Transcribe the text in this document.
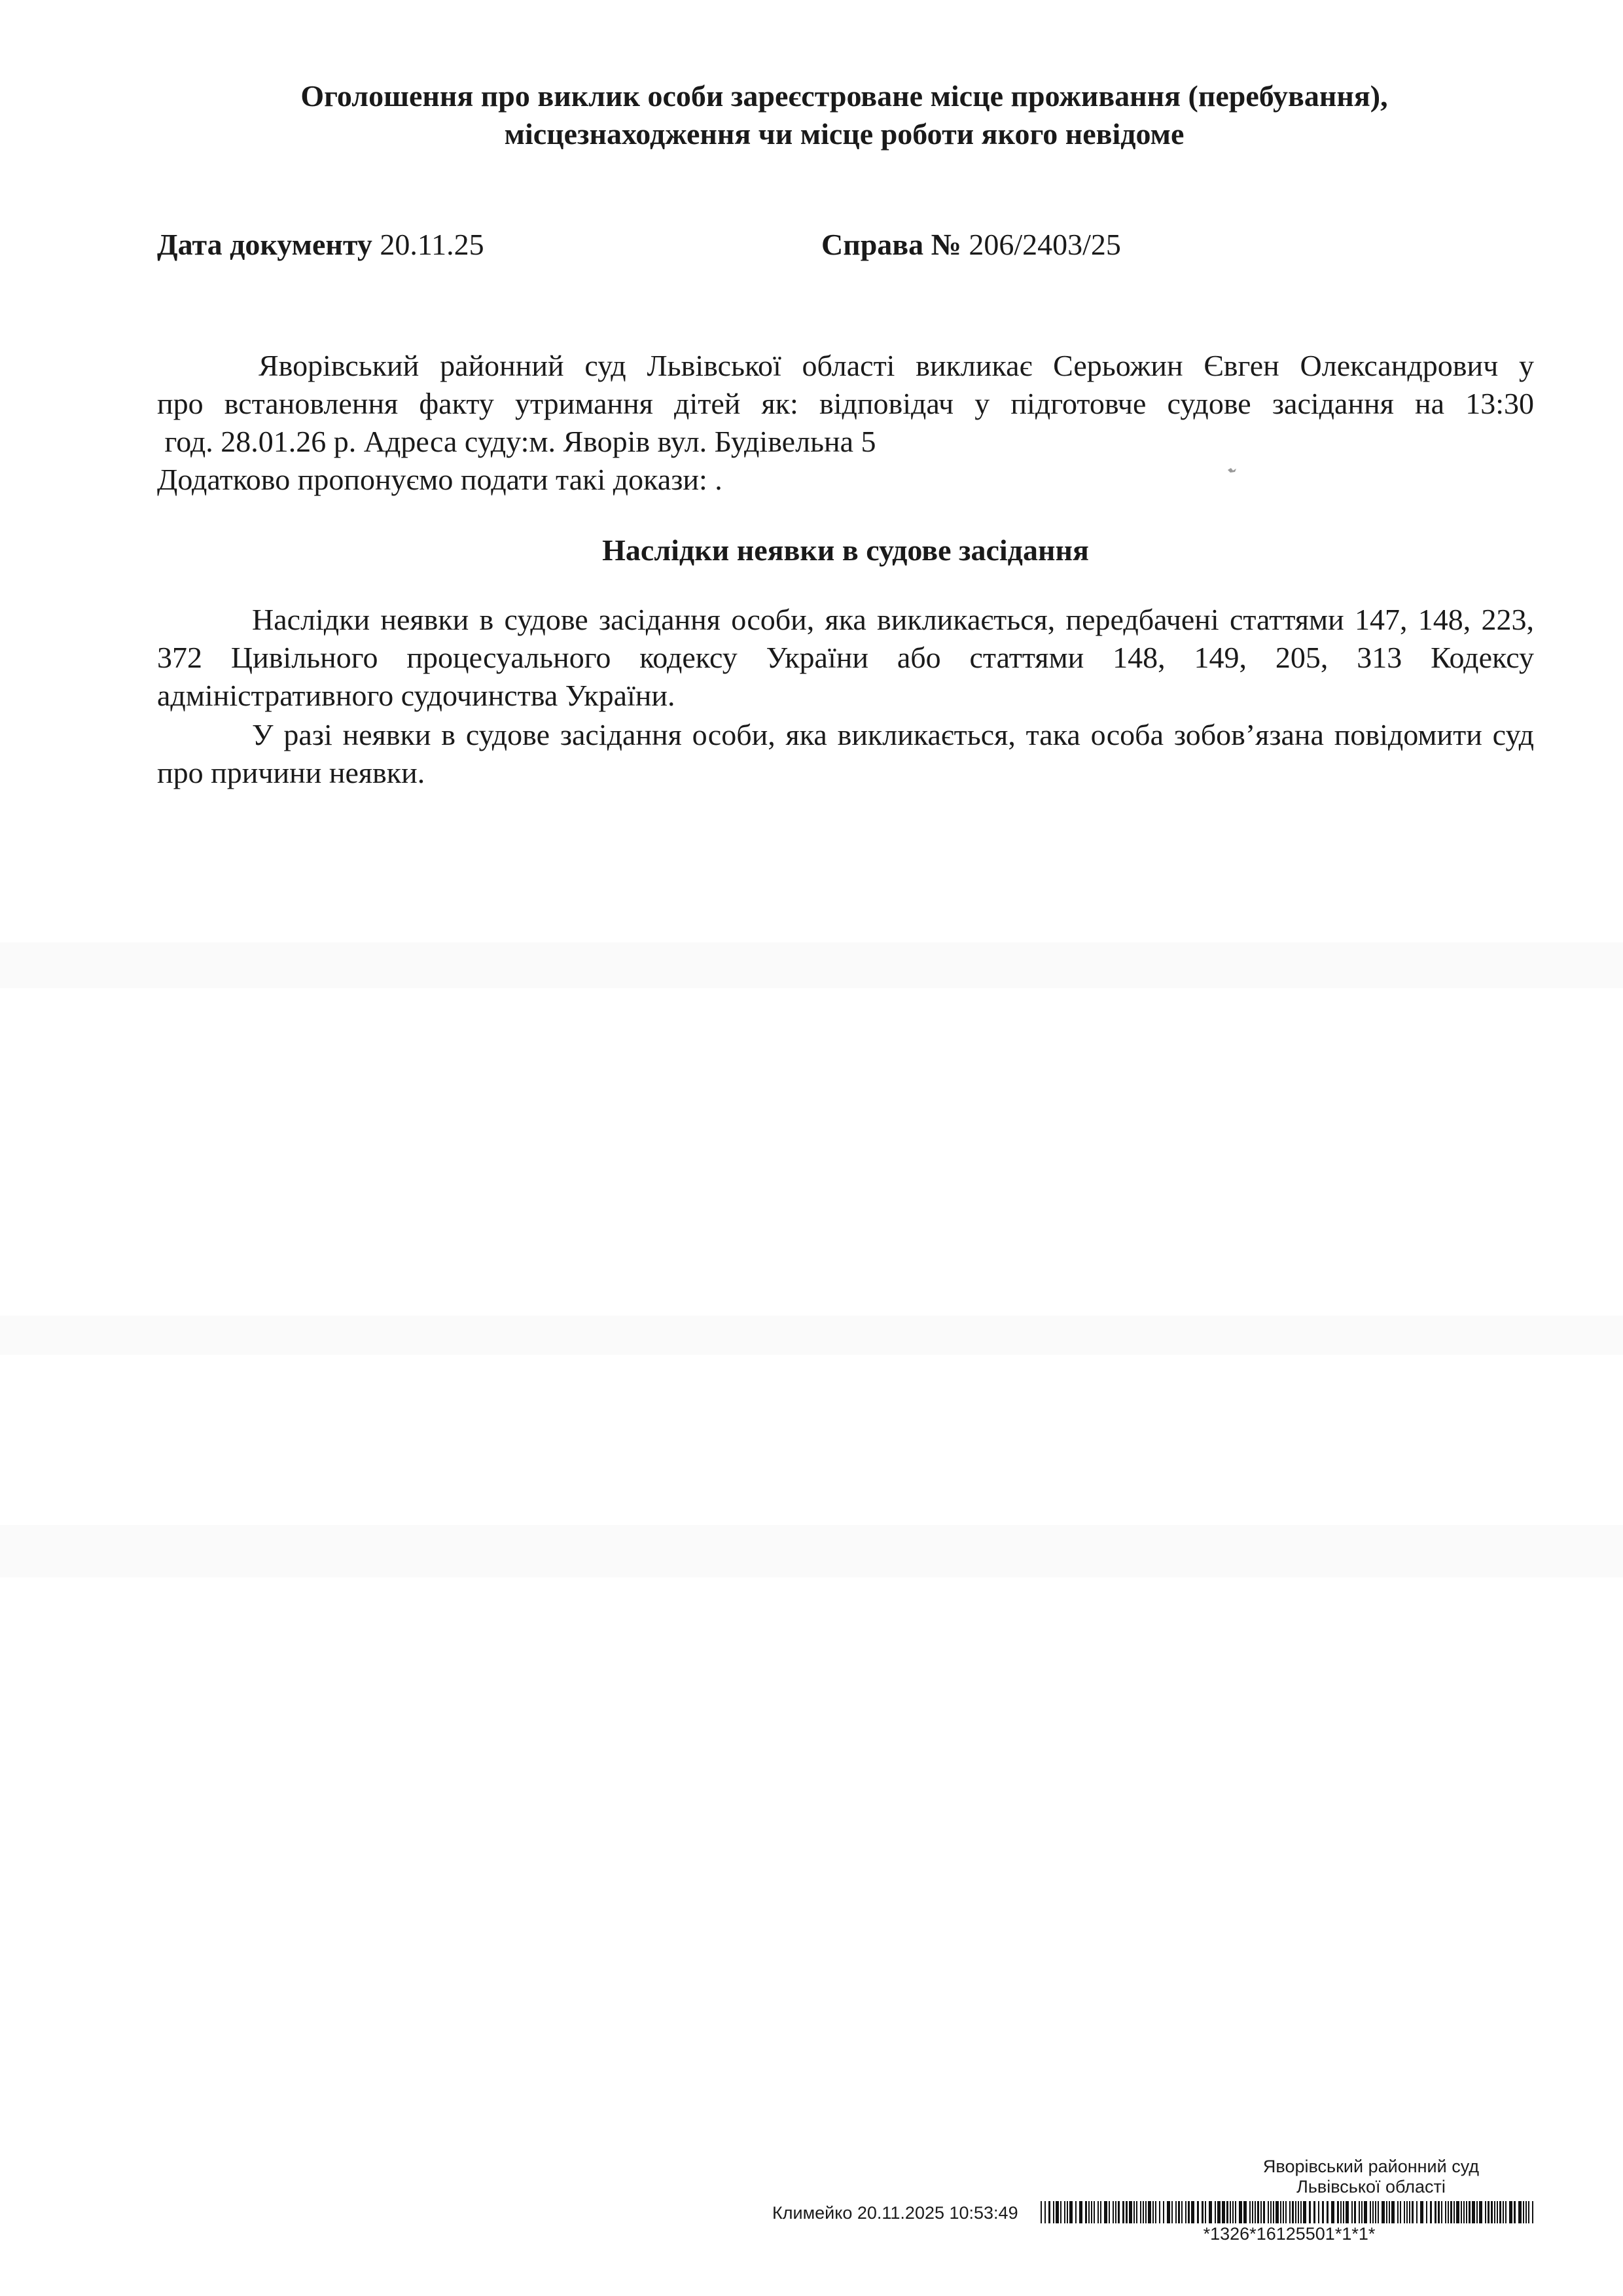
Оголошення про виклик особи зареєстроване місце проживання (перебування),
місцезнаходження чи місце роботи якого невідоме
Дата документу 20.11.25	Справа № 206/2403/25
Яворівський районний суд Львівської області викликає Серьожин Євген Олександрович у
про встановлення факту утримання дітей як: відповідач у підготовче судове засідання на 13:30
год. 28.01.26 р. Адреса суду:м. Яворів вул. Будівельна 5
Додатково пропонуємо подати такі докази: .
Наслідки неявки в судове засідання
Наслідки неявки в судове засідання особи, яка викликається, передбачені статтями 147, 148, 223, 372 Цивільного процесуального кодексу України або статтями 148, 149, 205, 313 Кодексу адміністративного судочинства України.
У разі неявки в судове засідання особи, яка викликається, така особа зобов’язана повідомити суд про причини неявки.
Яворівський районний суд
Львівської області
Климейко 20.11.2025 10:53:49
*1326*16125501*1*1*
